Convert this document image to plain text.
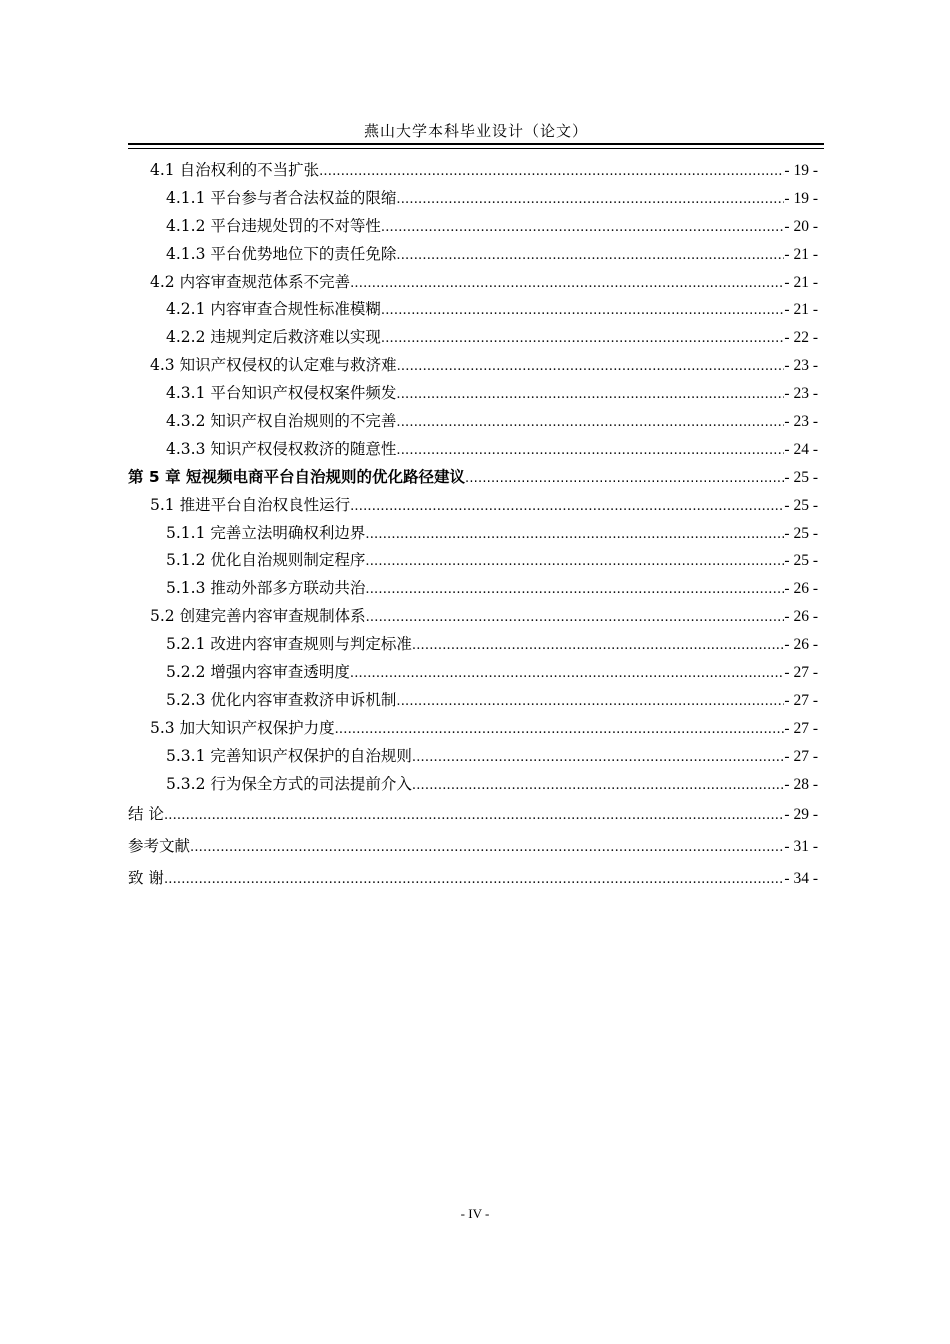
燕山大学本科毕业设计（论文）
4.1 自治权利的不当扩张 .....	- 19 -
4.1.1 平台参与者合法权益的限缩 .....	- 19 -
4.1.2 平台违规处罚的不对等性 .....	- 20 -
4.1.3 平台优势地位下的责任免除 .....	- 21 -
4.2 内容审查规范体系不完善 .....	- 21 -
4.2.1 内容审查合规性标准模糊 .....	- 21 -
4.2.2 违规判定后救济难以实现 .....	- 22 -
4.3 知识产权侵权的认定难与救济难 .....	- 23 -
4.3.1 平台知识产权侵权案件频发 .....	- 23 -
4.3.2 知识产权自治规则的不完善 .....	- 23 -
4.3.3 知识产权侵权救济的随意性 .....	- 24 -
第 5 章 短视频电商平台自治规则的优化路径建议 .....	- 25 -
5.1 推进平台自治权良性运行 .....	- 25 -
5.1.1 完善立法明确权利边界 .....	- 25 -
5.1.2 优化自治规则制定程序 .....	- 25 -
5.1.3 推动外部多方联动共治 .....	- 26 -
5.2 创建完善内容审查规制体系 .....	- 26 -
5.2.1 改进内容审查规则与判定标准 .....	- 26 -
5.2.2 增强内容审查透明度 .....	- 27 -
5.2.3 优化内容审查救济申诉机制 .....	- 27 -
5.3 加大知识产权保护力度 .....	- 27 -
5.3.1 完善知识产权保护的自治规则 .....	- 27 -
5.3.2 行为保全方式的司法提前介入 .....	- 28 -
结 论 .....	- 29 -
参考文献 .....	- 31 -
致 谢 .....	- 34 -
- IV -
